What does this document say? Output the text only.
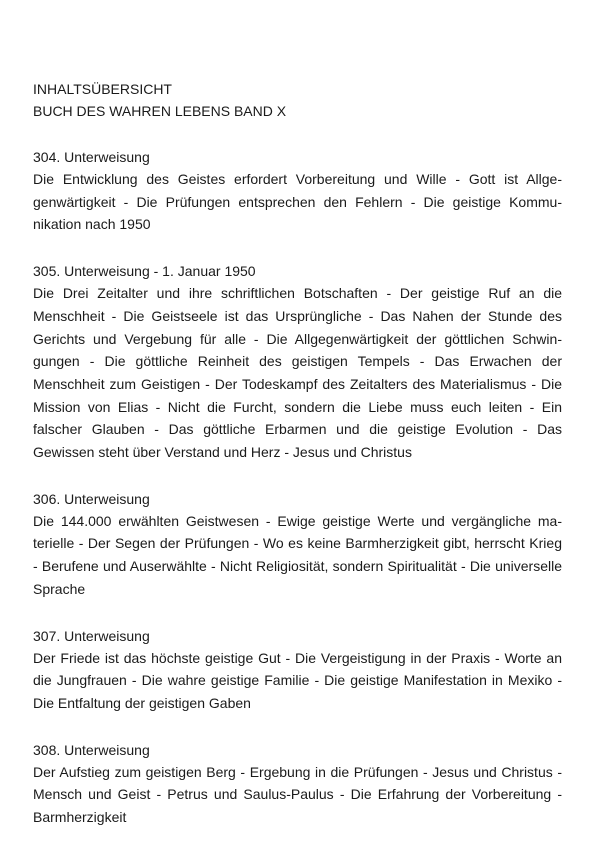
INHALTSÜBERSICHT

BUCH DES WAHREN LEBENS BAND X

304. Unterweisung

Die Entwicklung des Geistes erfordert Vorbereitung und Wille - Gott ist Allgegenwärtigkeit - Die Prüfungen entsprechen den Fehlern - Die geistige Kommunikation nach 1950

305. Unterweisung - 1. Januar 1950

Die Drei Zeitalter und ihre schriftlichen Botschaften - Der geistige Ruf an die Menschheit - Die Geistseele ist das Ursprüngliche - Das Nahen der Stunde des Gerichts und Vergebung für alle - Die Allgegenwärtigkeit der göttlichen Schwingungen - Die göttliche Reinheit des geistigen Tempels - Das Erwachen der Menschheit zum Geistigen - Der Todeskampf des Zeitalters des Materialismus - Die Mission von Elias - Nicht die Furcht, sondern die Liebe muss euch leiten - Ein falscher Glauben - Das göttliche Erbarmen und die geistige Evolution - Das Gewissen steht über Verstand und Herz - Jesus und Christus

306. Unterweisung

Die 144.000 erwählten Geistwesen - Ewige geistige Werte und vergängliche materielle - Der Segen der Prüfungen - Wo es keine Barmherzigkeit gibt, herrscht Krieg - Berufene und Auserwählte - Nicht Religiosität, sondern Spiritualität - Die universelle Sprache

307. Unterweisung

Der Friede ist das höchste geistige Gut - Die Vergeistigung in der Praxis - Worte an die Jungfrauen - Die wahre geistige Familie - Die geistige Manifestation in Mexiko - Die Entfaltung der geistigen Gaben

308. Unterweisung

Der Aufstieg zum geistigen Berg - Ergebung in die Prüfungen - Jesus und Christus - Mensch und Geist - Petrus und Saulus-Paulus - Die Erfahrung der Vorbereitung - Barmherzigkeit
